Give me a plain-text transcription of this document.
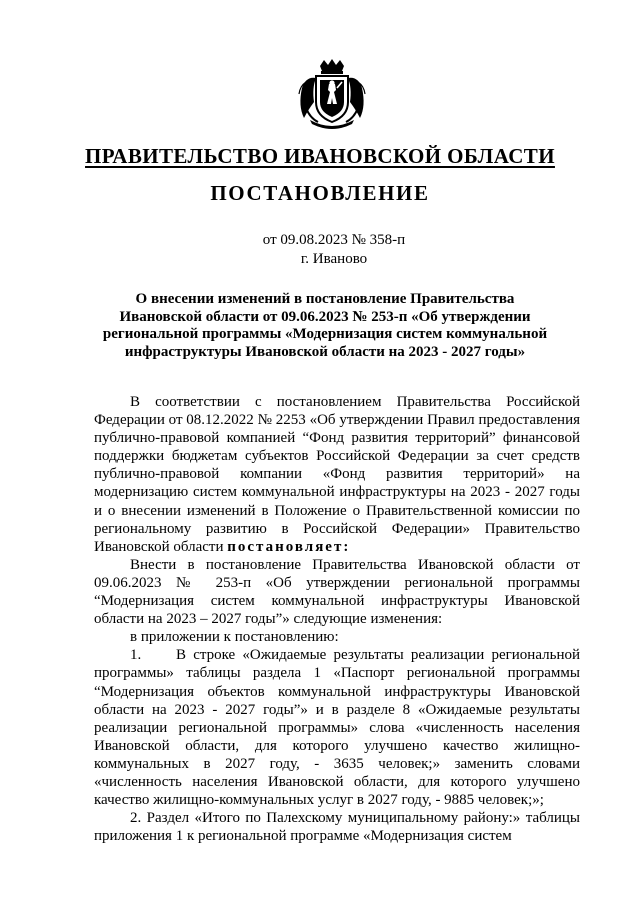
ПРАВИТЕЛЬСТВО ИВАНОВСКОЙ ОБЛАСТИ
ПОСТАНОВЛЕНИЕ
от 09.08.2023 № 358-п
г. Иваново
О внесении изменений в постановление Правительства
Ивановской области от 09.06.2023 № 253-п «Об утверждении
региональной программы «Модернизация систем коммунальной
инфраструктуры Ивановской области на 2023 - 2027 годы»

В соответствии с постановлением Правительства Российской Федерации от 08.12.2022 № 2253 «Об утверждении Правил предоставления публично-правовой компанией “Фонд развития территорий” финансовой поддержки бюджетам субъектов Российской Федерации за счет средств публично-правовой компании «Фонд развития территорий» на модернизацию систем коммунальной инфраструктуры на 2023 - 2027 годы и о внесении изменений в Положение о Правительственной комиссии по региональному развитию в Российской Федерации» Правительство Ивановской области постановляет:

Внести в постановление Правительства Ивановской области от 09.06.2023 № 253-п «Об утверждении региональной программы “Модернизация систем коммунальной инфраструктуры Ивановской области на 2023 – 2027 годы”» следующие изменения:

в приложении к постановлению:

1. В строке «Ожидаемые результаты реализации региональной программы» таблицы раздела 1 «Паспорт региональной программы “Модернизация объектов коммунальной инфраструктуры Ивановской области на 2023 - 2027 годы”» и в разделе 8 «Ожидаемые результаты реализации региональной программы» слова «численность населения Ивановской области, для которого улучшено качество жилищно-коммунальных в 2027 году, - 3635 человек;» заменить словами «численность населения Ивановской области, для которого улучшено качество жилищно-коммунальных услуг в 2027 году, - 9885 человек;»;

2. Раздел «Итого по Палехскому муниципальному району:» таблицы приложения 1 к региональной программе «Модернизация систем
